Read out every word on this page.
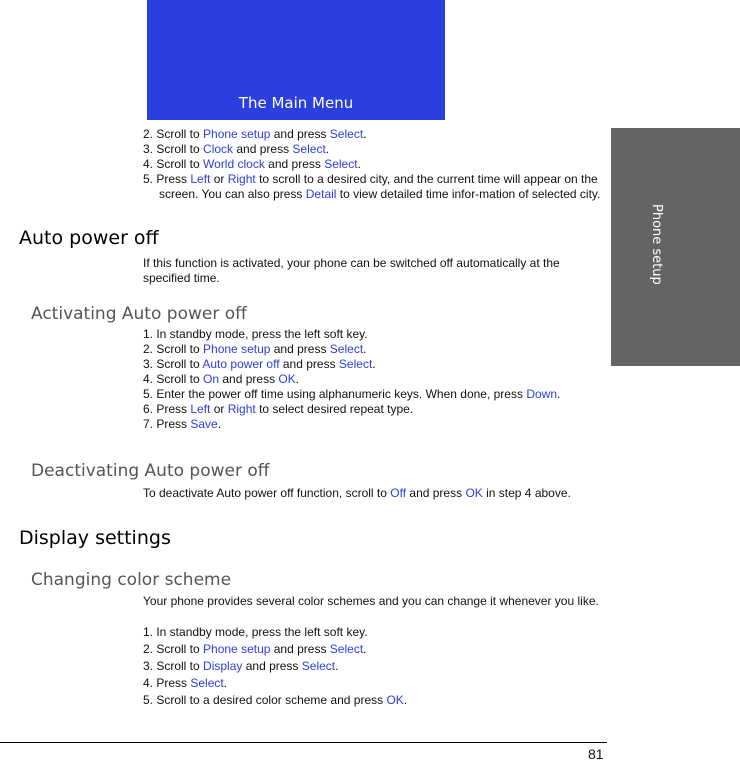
The Main Menu
Phone setup
2. Scroll to Phone setup and press Select.
3. Scroll to Clock and press Select.
4. Scroll to World clock and press Select.
5. Press Left or Right to scroll to a desired city, and the current time will appear on the screen. You can also press Detail to view detailed time infor-mation of selected city.
Auto power off

If this function is activated, your phone can be switched off automatically at the specified time.

Activating Auto power off
1. In standby mode, press the left soft key.
2. Scroll to Phone setup and press Select.
3. Scroll to Auto power off and press Select.
4. Scroll to On and press OK.
5. Enter the power off time using alphanumeric keys. When done, press Down.
6. Press Left or Right to select desired repeat type.
7. Press Save.
Deactivating Auto power off

To deactivate Auto power off function, scroll to Off and press OK in step 4 above.

Display settings
Changing color scheme

Your phone provides several color schemes and you can change it whenever you like.

1. In standby mode, press the left soft key.
2. Scroll to Phone setup and press Select.
3. Scroll to Display and press Select.
4. Press Select.
5. Scroll to a desired color scheme and press OK.
81
